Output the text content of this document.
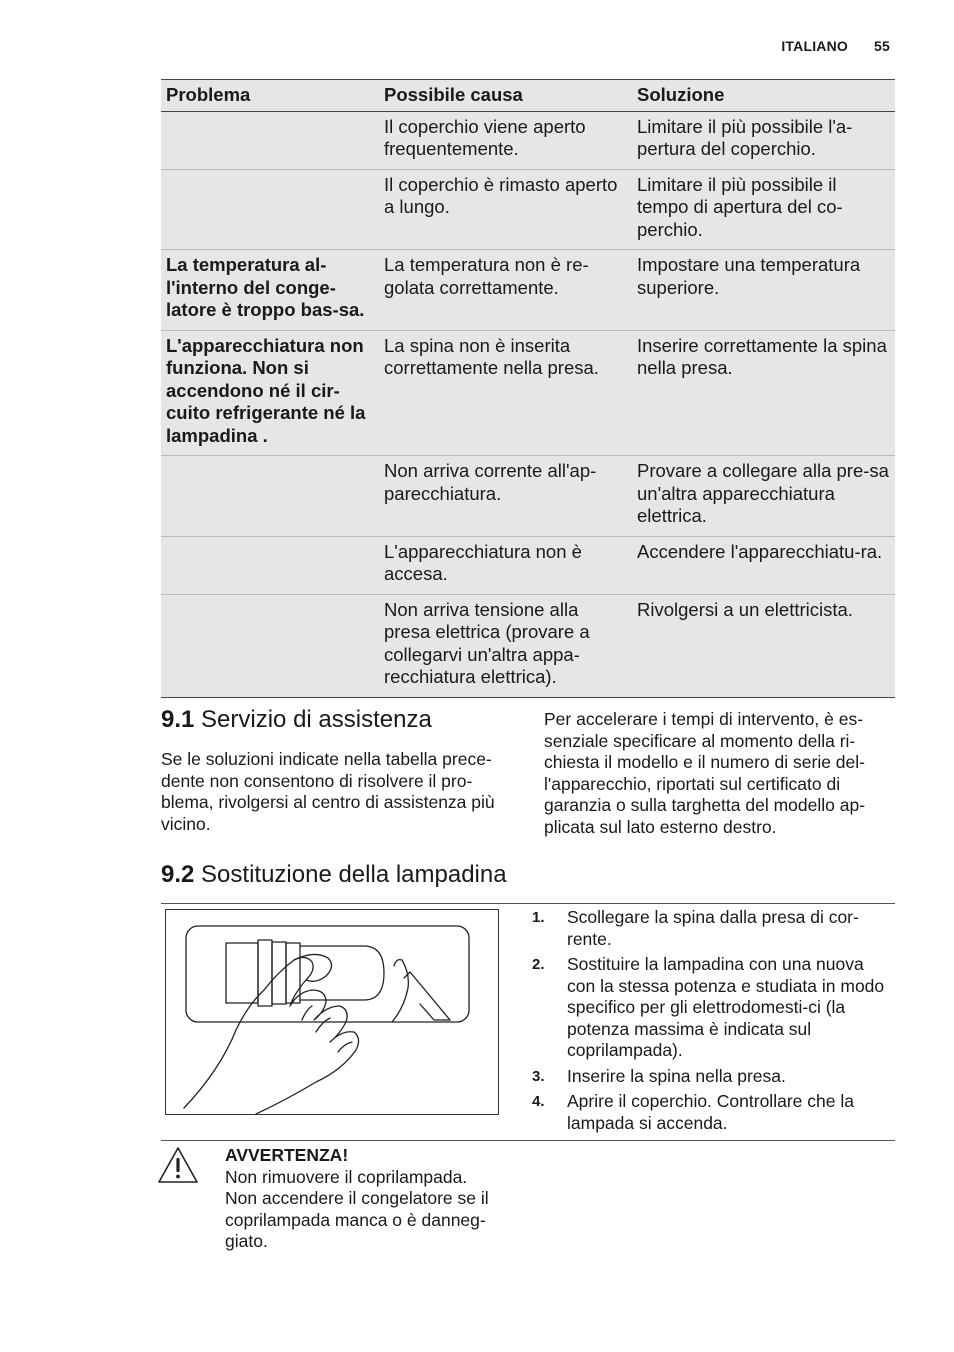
ITALIANO 55
Problema	Possibile causa	Soluzione
	Il coperchio viene aperto frequentemente.	Limitare il più possibile l'a-pertura del coperchio.
	Il coperchio è rimasto aperto a lungo.	Limitare il più possibile il tempo di apertura del co-perchio.
La temperatura al-l'interno del conge-latore è troppo bas-sa.	La temperatura non è re-golata correttamente.	Impostare una temperatura superiore.
L'apparecchiatura non funziona. Non si accendono né il cir-cuito refrigerante né la lampadina .	La spina non è inserita correttamente nella presa.	Inserire correttamente la spina nella presa.
	Non arriva corrente all'ap-parecchiatura.	Provare a collegare alla pre-sa un'altra apparecchiatura elettrica.
	L'apparecchiatura non è accesa.	Accendere l'apparecchiatu-ra.
	Non arriva tensione alla presa elettrica (provare a collegarvi un'altra appa-recchiatura elettrica).	Rivolgersi a un elettricista.
9.1 Servizio di assistenza
Se le soluzioni indicate nella tabella prece-dente non consentono di risolvere il pro-blema, rivolgersi al centro di assistenza più vicino.
Per accelerare i tempi di intervento, è es-senziale specificare al momento della ri-chiesta il modello e il numero di serie del-l'apparecchio, riportati sul certificato di garanzia o sulla targhetta del modello ap-plicata sul lato esterno destro.
9.2 Sostituzione della lampadina
1. Scollegare la spina dalla presa di cor-rente.
2. Sostituire la lampadina con una nuova con la stessa potenza e studiata in modo specifico per gli elettrodomesti-ci (la potenza massima è indicata sul coprilampada).
3. Inserire la spina nella presa.
4. Aprire il coperchio. Controllare che la lampada si accenda.
AVVERTENZA!
Non rimuovere il coprilampada.
Non accendere il congelatore se il coprilampada manca o è danneg-giato.
